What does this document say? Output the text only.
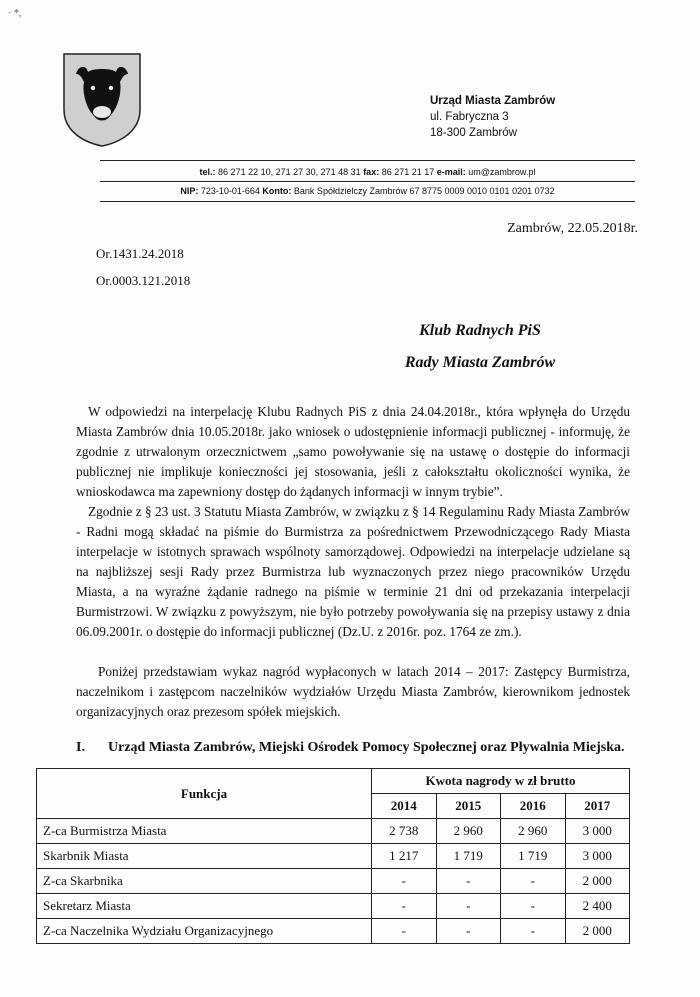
· *,
Urząd Miasta Zambrów
ul. Fabryczna 3
18-300 Zambrów
tel.: 86 271 22 10, 271 27 30, 271 48 31 fax: 86 271 21 17 e-mail: um@zambrow.pl
NIP: 723-10-01-664 Konto: Bank Spółdzielczy Zambrów 67 8775 0009 0010 0101 0201 0732
Zambrów, 22.05.2018r.
Or.1431.24.2018
Or.0003.121.2018
Klub Radnych PiS
Rady Miasta Zambrów

W odpowiedzi na interpelację Klubu Radnych PiS z dnia 24.04.2018r., która wpłynęła do Urzędu Miasta Zambrów dnia 10.05.2018r. jako wniosek o udostępnienie informacji publicznej - informuję, że zgodnie z utrwalonym orzecznictwem „samo powoływanie się na ustawę o dostępie do informacji publicznej nie implikuje konieczności jej stosowania, jeśli z całokształtu okoliczności wynika, że wnioskodawca ma zapewniony dostęp do żądanych informacji w innym trybie”.

Zgodnie z § 23 ust. 3 Statutu Miasta Zambrów, w związku z § 14 Regulaminu Rady Miasta Zambrów - Radni mogą składać na piśmie do Burmistrza za pośrednictwem Przewodniczącego Rady Miasta interpelacje w istotnych sprawach wspólnoty samorządowej. Odpowiedzi na interpelacje udzielane są na najbliższej sesji Rady przez Burmistrza lub wyznaczonych przez niego pracowników Urzędu Miasta, a na wyraźne żądanie radnego na piśmie w terminie 21 dni od przekazania interpelacji Burmistrzowi. W związku z powyższym, nie było potrzeby powoływania się na przepisy ustawy z dnia 06.09.2001r. o dostępie do informacji publicznej (Dz.U. z 2016r. poz. 1764 ze zm.).

Poniżej przedstawiam wykaz nagród wypłaconych w latach 2014 – 2017: Zastępcy Burmistrza, naczelnikom i zastępcom naczelników wydziałów Urzędu Miasta Zambrów, kierownikom jednostek organizacyjnych oraz prezesom spółek miejskich.

I. Urząd Miasta Zambrów, Miejski Ośrodek Pomocy Społecznej oraz Pływalnia Miejska.
Funkcja	Kwota nagrody w zł brutto			
	2014	2015	2016	2017
Z-ca Burmistrza Miasta	2 738	2 960	2 960	3 000
Skarbnik Miasta	1 217	1 719	1 719	3 000
Z-ca Skarbnika	-	-	-	2 000
Sekretarz Miasta	-	-	-	2 400
Z-ca Naczelnika Wydziału Organizacyjnego	-	-	-	2 000
